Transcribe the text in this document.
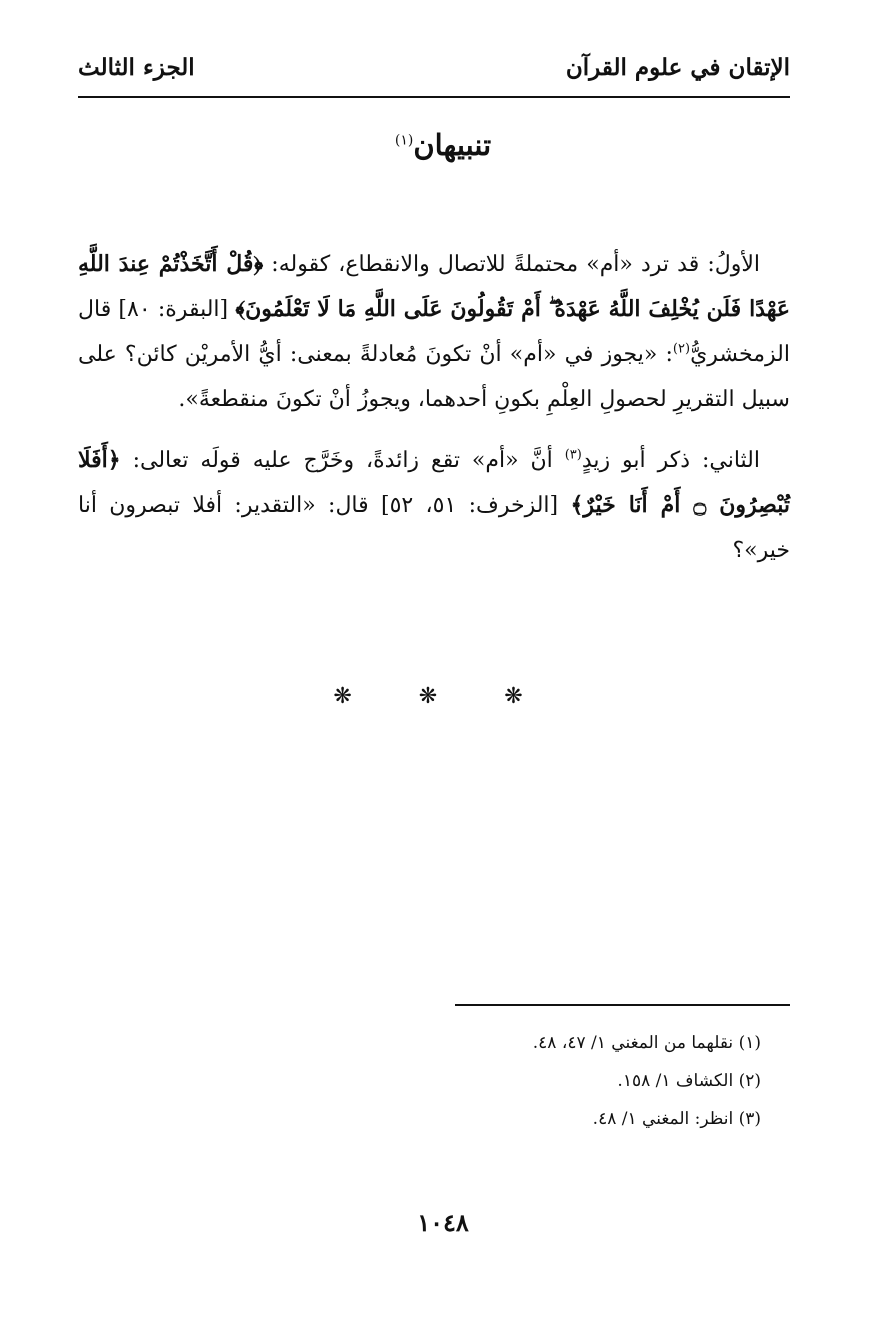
الإتقان في علوم القرآن
الجزء الثالث
تنبيهان$^{(١)}$

الأولُ: قد ترد «أم» محتملةً للاتصال والانقطاع، كقوله: ﴿قُلْ أَتَّخَذْتُمْ عِندَ اللَّهِ عَهْدًا فَلَن يُخْلِفَ اللَّهُ عَهْدَهُ ۖ أَمْ تَقُولُونَ عَلَى اللَّهِ مَا لَا تَعْلَمُونَ﴾ [البقرة: ٨٠] قال الزمخشريُّ$^{(٢)}$: «يجوز في «أم» أنْ تكونَ مُعادلةً بمعنى: أيُّ الأمريْن كائن؟ على سبيل التقريرِ لحصولِ العِلْمِ بكونِ أحدهما، ويجوزُ أنْ تكونَ منقطعةً».

الثاني: ذكر أبو زيدٍ$^{(٣)}$ أنَّ «أم» تقع زائدةً، وخَرَّج عليه قولَه تعالى: ﴿أَفَلَا تُبْصِرُونَ ۝ أَمْ أَنَا خَيْرٌ﴾ [الزخرف: ٥١، ٥٢] قال: «التقدير: أفلا تبصرون أنا خير»؟

❋ ❋ ❋
(١) نقلهما من المغني ١/ ٤٧، ٤٨.
(٢) الكشاف ١/ ١٥٨.
(٣) انظر: المغني ١/ ٤٨.
١٠٤٨
